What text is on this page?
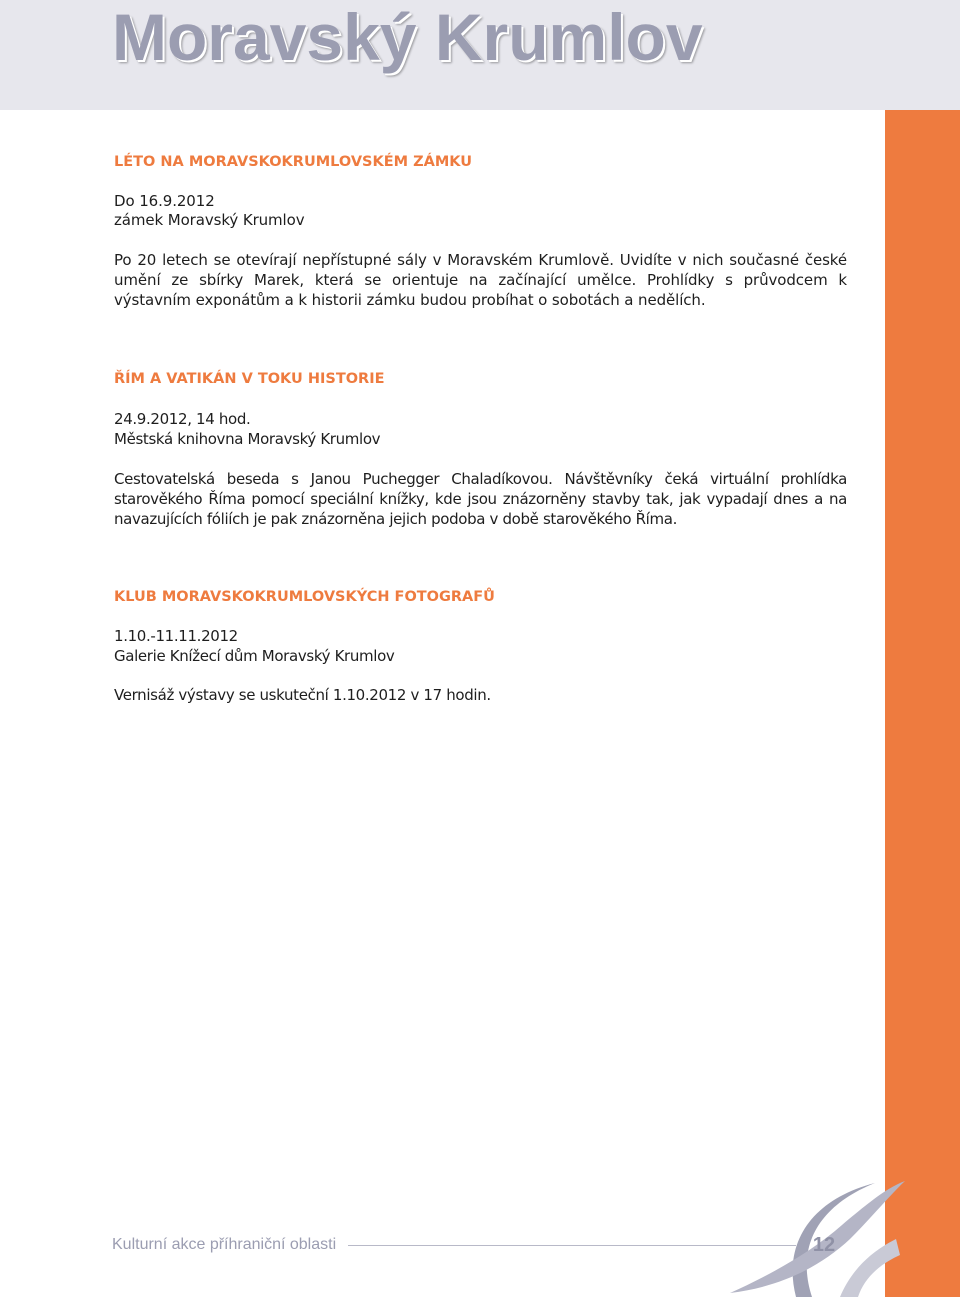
Moravský Krumlov
LÉTO NA MORAVSKOKRUMLOVSKÉM ZÁMKU
Do 16.9.2012
zámek Moravský Krumlov
Po 20 letech se otevírají nepřístupné sály v Moravském Krumlově. Uvidíte v nich současné české umění ze sbírky Marek, která se orientuje na začínající umělce. Prohlídky s průvodcem k výstavním exponátům a k historii zámku budou probíhat o sobotách a nedělích.
ŘÍM A VATIKÁN V TOKU HISTORIE
24.9.2012, 14 hod.
Městská knihovna Moravský Krumlov
Cestovatelská beseda s Janou Puchegger Chaladíkovou. Návštěvníky čeká virtuální prohlídka starověkého Říma pomocí speciální knížky, kde jsou znázorněny stavby tak, jak vypadají dnes a na navazujících fóliích je pak znázorněna jejich podoba v době starověkého Říma.
KLUB MORAVSKOKRUMLOVSKÝCH FOTOGRAFŮ
1.10.-11.11.2012
Galerie Knížecí dům Moravský Krumlov
Vernisáž výstavy se uskuteční 1.10.2012 v 17 hodin.
12
Kulturní akce příhraniční oblasti
